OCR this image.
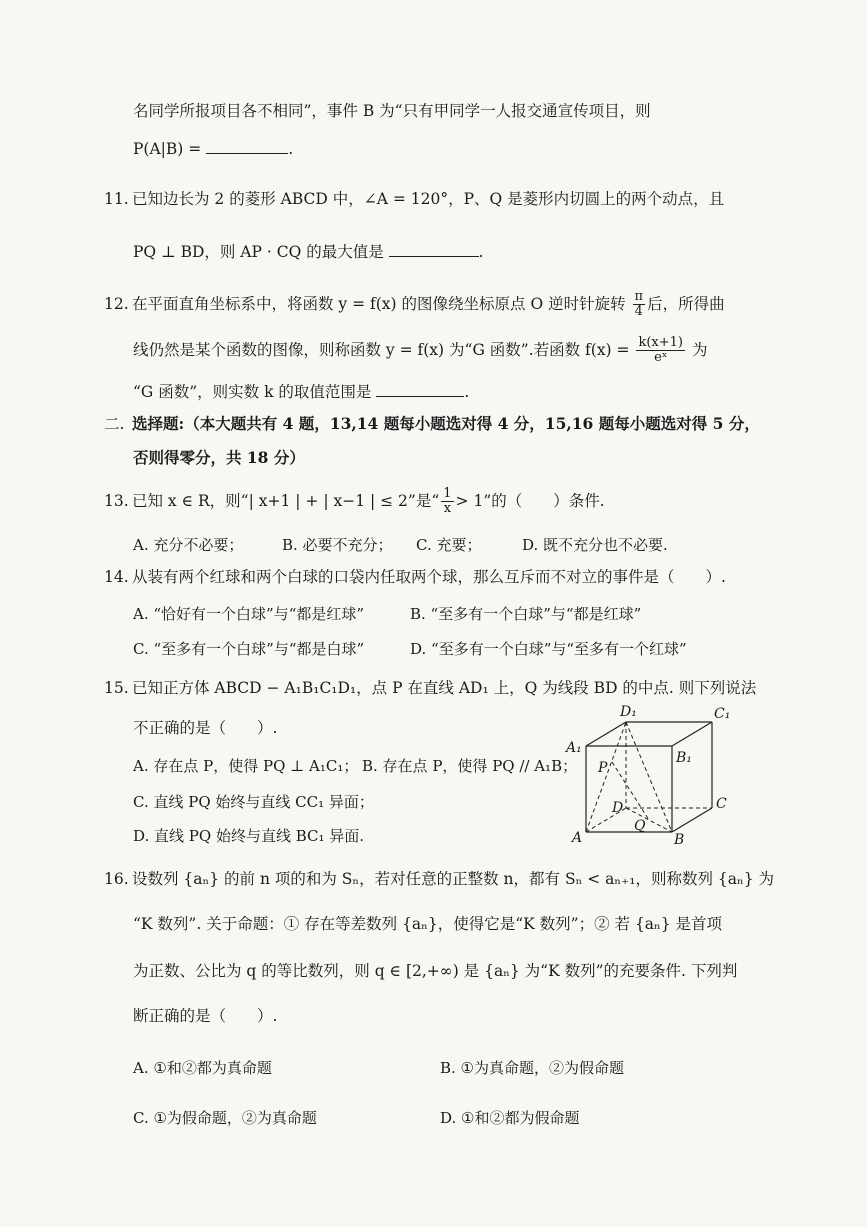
名同学所报项目各不相同”，事件 B 为“只有甲同学一人报交通宣传项目，则
P(A|B) =	.
11. 已知边长为 2 的菱形 ABCD 中，∠A = 120°，P、Q 是菱形内切圆上的两个动点，且
PQ ⊥ BD，则 AP · CQ 的最大值是	.
12. 在平面直角坐标系中，将函数 y = f(x) 的图像绕坐标原点 O 逆时针旋转 $\frac{\pi}{4}$ 后，所得曲
线仍然是某个函数的图像，则称函数 y = f(x) 为“G 函数”.若函数 $f(x) = \frac{k(x+1)}{\text{eˣ}}$ 为
“G 函数”，则实数 k 的取值范围是	.
二. 选择题:（本大题共有 4 题，13,14 题每小题选对得 4 分，15,16 题每小题选对得 5 分，
否则得零分，共 18 分）
13. 已知 x ∈ R，则“| x+1 | + | x−1 | ≤ 2”是“ $\frac{1}{x} > 1$”的（　　）条件.
A. 充分不必要；	B. 必要不充分； C. 充要；	D. 既不充分也不必要.
14. 从装有两个红球和两个白球的口袋内任取两个球，那么互斥而不对立的事件是（　　）.
A. “恰好有一个白球”与“都是红球”	B. “至多有一个白球”与“都是红球”
C. “至多有一个白球”与“都是白球”	D. “至多有一个白球”与“至多有一个红球”
15. 已知正方体 ABCD − A₁B₁C₁D₁，点 P 在直线 AD₁ 上，Q 为线段 BD 的中点. 则下列说法
不正确的是（　　）.
A. 存在点 P，使得 PQ ⊥ A₁C₁； B. 存在点 P，使得 PQ // A₁B；
C. 直线 PQ 始终与直线 CC₁ 异面；
D. 直线 PQ 始终与直线 BC₁ 异面.
D₁	C₁
A₁
B₁
P
D	C
Q
A	B
16. 设数列 {aₙ} 的前 n 项的和为 Sₙ，若对任意的正整数 n，都有 Sₙ < aₙ₊₁，则称数列 {aₙ} 为
“K 数列”. 关于命题：① 存在等差数列 {aₙ}，使得它是“K 数列”；② 若 {aₙ} 是首项
为正数、公比为 q 的等比数列，则 q ∈ [2,+∞) 是 {aₙ} 为“K 数列”的充要条件. 下列判
断正确的是（　　）.
A. ①和②都为真命题	B. ①为真命题，②为假命题
C. ①为假命题，②为真命题	D. ①和②都为假命题
